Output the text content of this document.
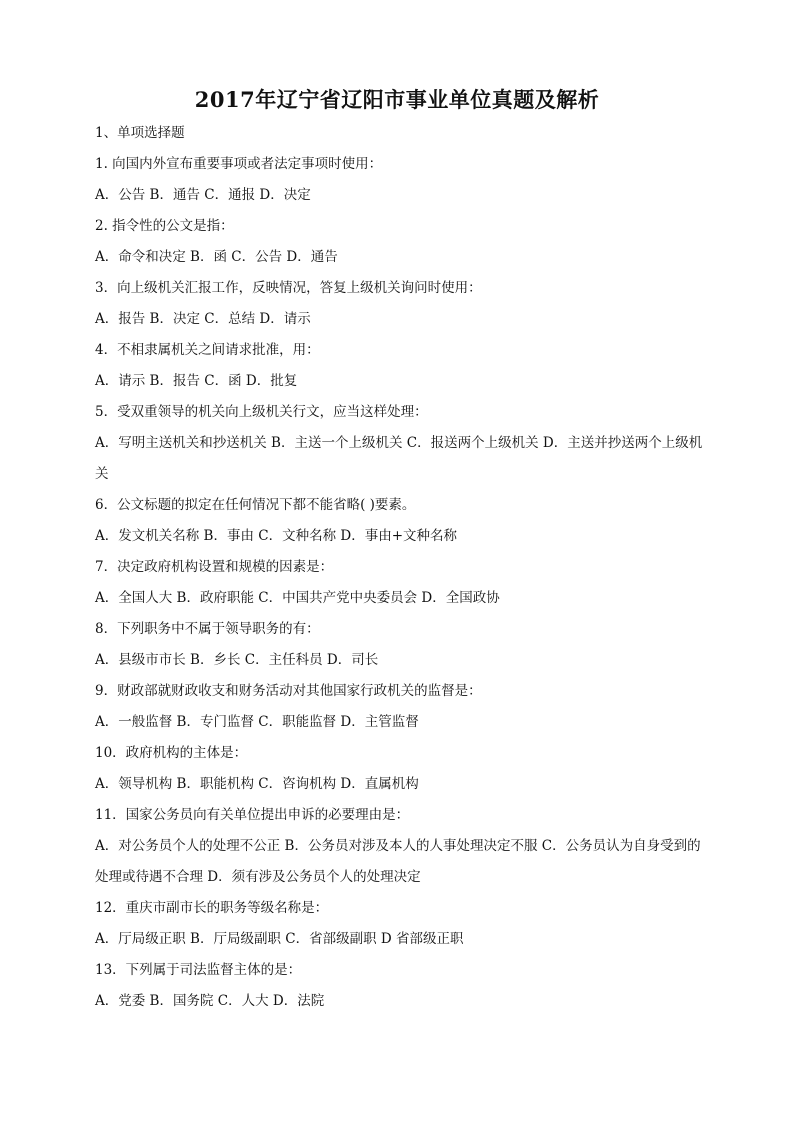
2017年辽宁省辽阳市事业单位真题及解析
1、单项选择题
1. 向国内外宣布重要事项或者法定事项时使用：
A．公告 B．通告 C．通报 D．决定
2. 指令性的公文是指：
A．命令和决定 B．函 C．公告 D．通告
3．向上级机关汇报工作，反映情况，答复上级机关询问时使用：
A．报告 B．决定 C．总结 D．请示
4．不相隶属机关之间请求批准，用：
A．请示 B．报告 C．函 D．批复
5．受双重领导的机关向上级机关行文，应当这样处理：
A．写明主送机关和抄送机关 B．主送一个上级机关 C．报送两个上级机关 D．主送并抄送两个上级机关
6．公文标题的拟定在任何情况下都不能省略( )要素。
A．发文机关名称 B．事由 C．文种名称 D．事由+文种名称
7．决定政府机构设置和规模的因素是：
A．全国人大 B．政府职能 C．中国共产党中央委员会 D．全国政协
8．下列职务中不属于领导职务的有：
A．县级市市长 B．乡长 C．主任科员 D．司长
9．财政部就财政收支和财务活动对其他国家行政机关的监督是：
A．一般监督 B．专门监督 C．职能监督 D．主管监督
10．政府机构的主体是：
A．领导机构 B．职能机构 C．咨询机构 D．直属机构
11．国家公务员向有关单位提出申诉的必要理由是：
A．对公务员个人的处理不公正 B．公务员对涉及本人的人事处理决定不服 C．公务员认为自身受到的处理或待遇不合理 D．须有涉及公务员个人的处理决定
12．重庆市副市长的职务等级名称是：
A．厅局级正职 B．厅局级副职 C．省部级副职 D 省部级正职
13．下列属于司法监督主体的是：
A．党委 B．国务院 C．人大 D．法院
